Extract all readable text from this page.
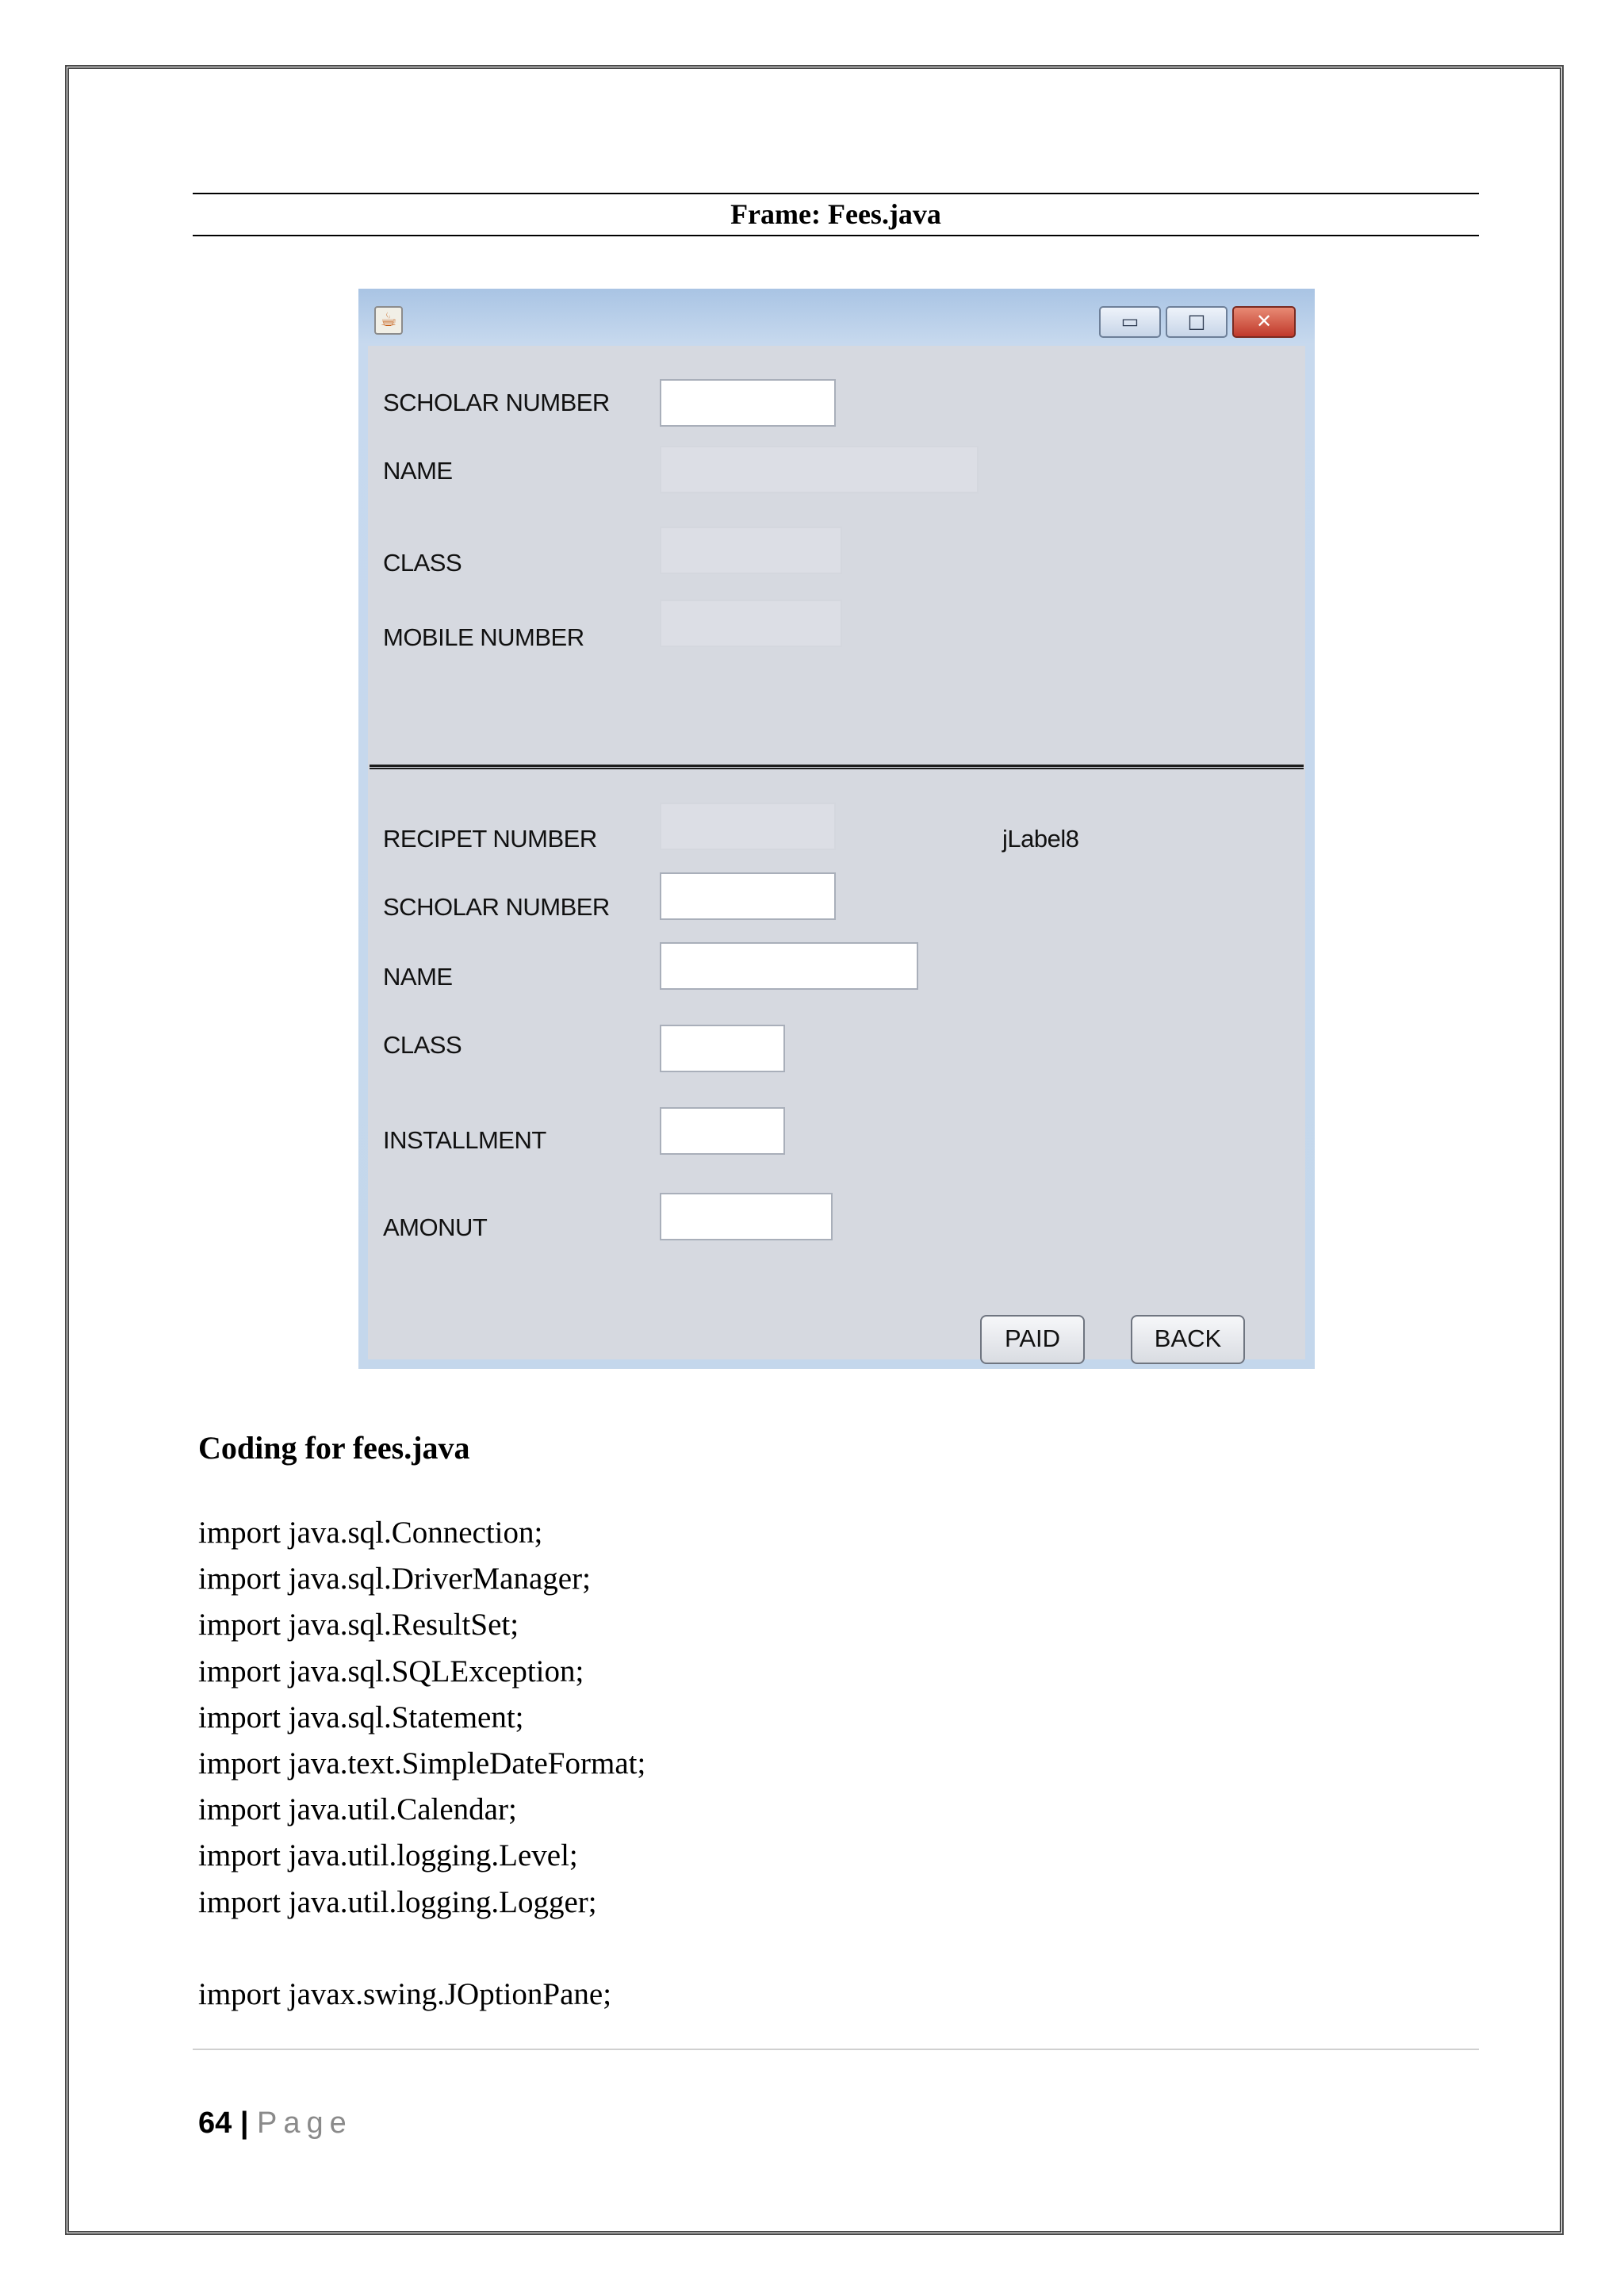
Frame: Fees.java
☕	▭	□	✕
SCHOLAR NUMBER
NAME
CLASS
MOBILE NUMBER
RECIPET NUMBER	jLabel8
SCHOLAR NUMBER
NAME
CLASS
INSTALLMENT
AMONUT
PAID	BACK
Coding for fees.java
import java.sql.Connection;
import java.sql.DriverManager;
import java.sql.ResultSet;
import java.sql.SQLException;
import java.sql.Statement;
import java.text.SimpleDateFormat;
import java.util.Calendar;
import java.util.logging.Level;
import java.util.logging.Logger;
import javax.swing.JOptionPane;
64 | Page
